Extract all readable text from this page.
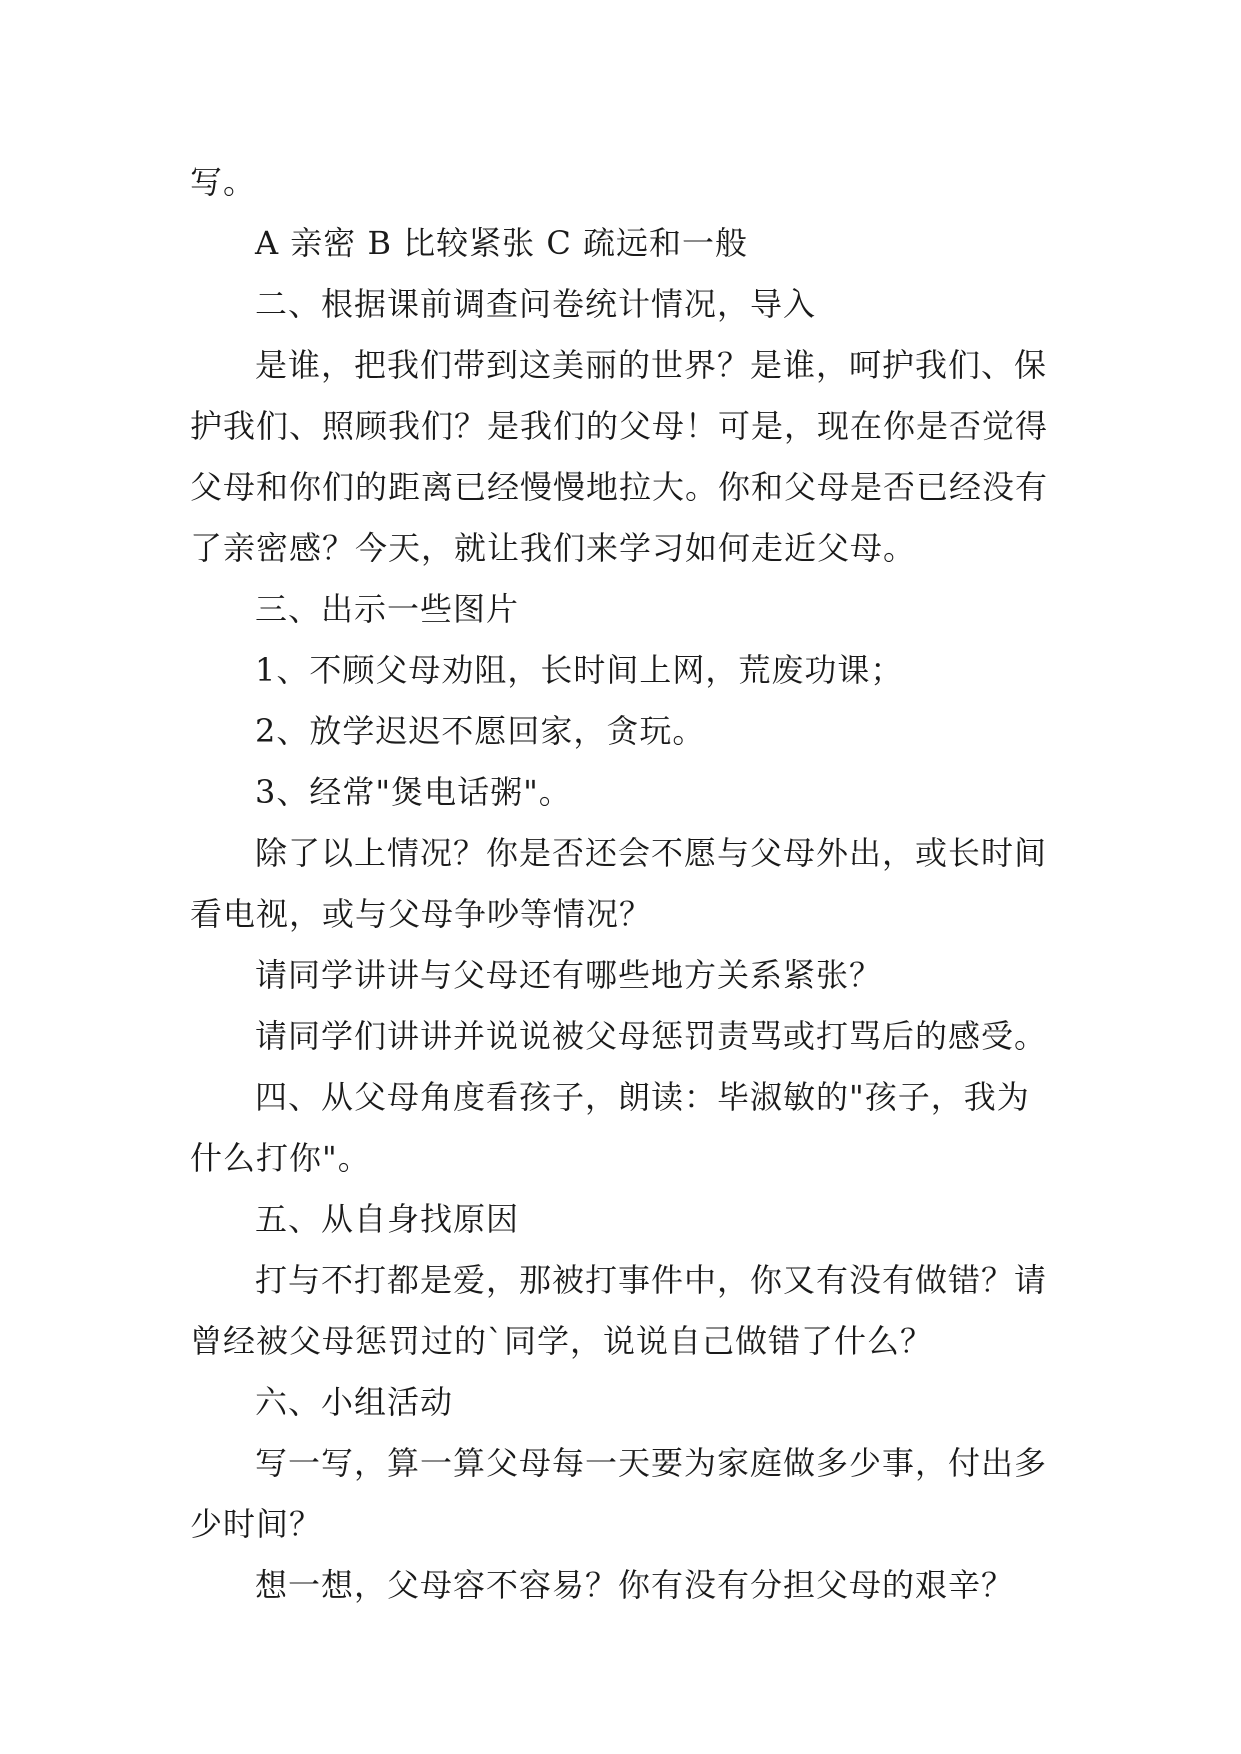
写。

A 亲密 B 比较紧张 C 疏远和一般

二、根据课前调查问卷统计情况，导入

是谁，把我们带到这美丽的世界？是谁，呵护我们、保

护我们、照顾我们？是我们的父母！可是，现在你是否觉得

父母和你们的距离已经慢慢地拉大。你和父母是否已经没有

了亲密感？今天，就让我们来学习如何走近父母。

三、出示一些图片

1、不顾父母劝阻，长时间上网，荒废功课；

2、放学迟迟不愿回家，贪玩。

3、经常"煲电话粥"。

除了以上情况？你是否还会不愿与父母外出，或长时间

看电视，或与父母争吵等情况？

请同学讲讲与父母还有哪些地方关系紧张？

请同学们讲讲并说说被父母惩罚责骂或打骂后的感受。

四、从父母角度看孩子，朗读：毕淑敏的"孩子，我为

什么打你"。

五、从自身找原因

打与不打都是爱，那被打事件中，你又有没有做错？请

曾经被父母惩罚过的`同学，说说自己做错了什么？

六、小组活动

写一写，算一算父母每一天要为家庭做多少事，付出多

少时间？

想一想，父母容不容易？你有没有分担父母的艰辛？
